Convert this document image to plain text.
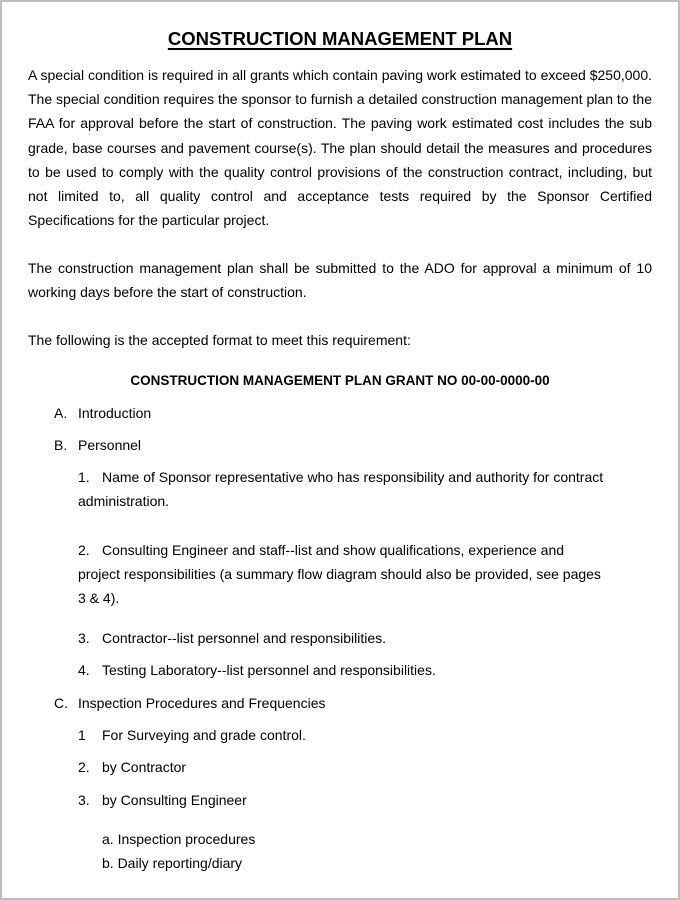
CONSTRUCTION MANAGEMENT PLAN

A special condition is required in all grants which contain paving work estimated to exceed $250,000. The special condition requires the sponsor to furnish a detailed construction management plan to the FAA for approval before the start of construction. The paving work estimated cost includes the sub grade, base courses and pavement course(s). The plan should detail the measures and procedures to be used to comply with the quality control provisions of the construction contract, including, but not limited to, all quality control and acceptance tests required by the Sponsor Certified Specifications for the particular project.

The construction management plan shall be submitted to the ADO for approval a minimum of 10 working days before the start of construction.

The following is the accepted format to meet this requirement:

CONSTRUCTION MANAGEMENT PLAN GRANT NO 00-00-0000-00
A. Introduction
B. Personnel
1. Name of Sponsor representative who has responsibility and authority for contract
administration.
2. Consulting Engineer and staff--list and show qualifications, experience and
project responsibilities (a summary flow diagram should also be provided, see pages
3 & 4).
3. Contractor--list personnel and responsibilities.
4. Testing Laboratory--list personnel and responsibilities.
C. Inspection Procedures and Frequencies
1 For Surveying and grade control.
2. by Contractor
3. by Consulting Engineer
a. Inspection procedures
b. Daily reporting/diary
